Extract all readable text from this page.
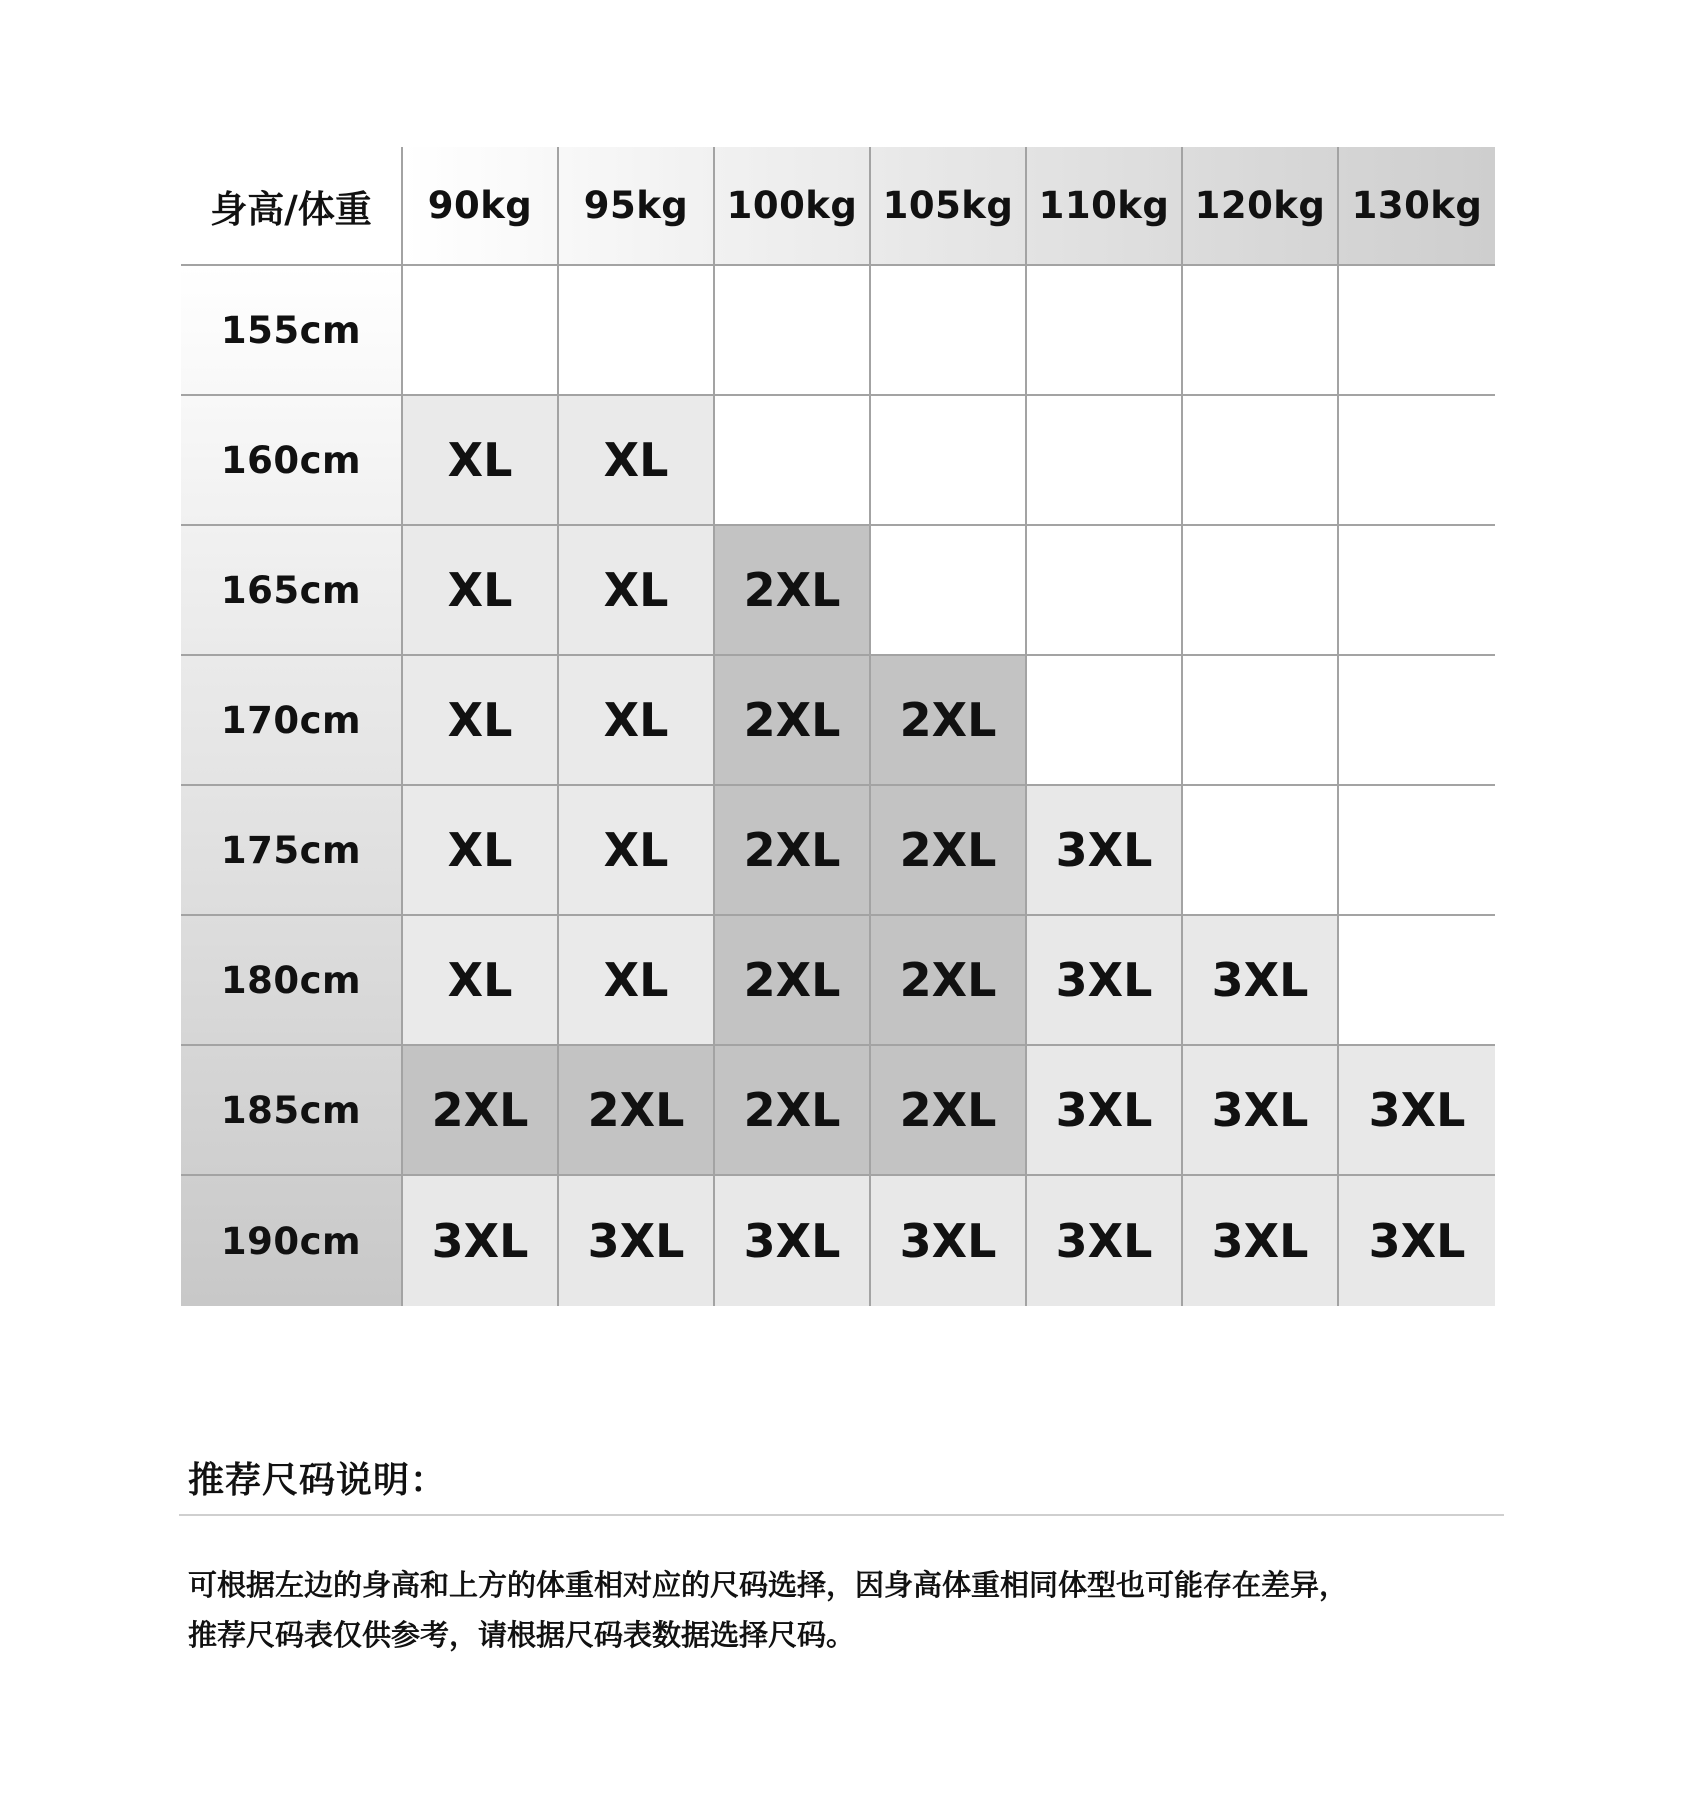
身高/体重	90kg	95kg	100kg 105kg 110kg 120kg 130kg
155cm
160cm	XL	XL
165cm	XL	XL	2XL
170cm	XL	XL	2XL	2XL
175cm	XL	XL	2XL	2XL	3XL
180cm	XL	XL	2XL	2XL	3XL	3XL
185cm	2XL	2XL	2XL	2XL	3XL	3XL	3XL
190cm	3XL	3XL	3XL	3XL	3XL	3XL	3XL
推荐尺码说明：

可根据左边的身高和上方的体重相对应的尺码选择，因身高体重相同体型也可能存在差异，

推荐尺码表仅供参考，请根据尺码表数据选择尺码。
